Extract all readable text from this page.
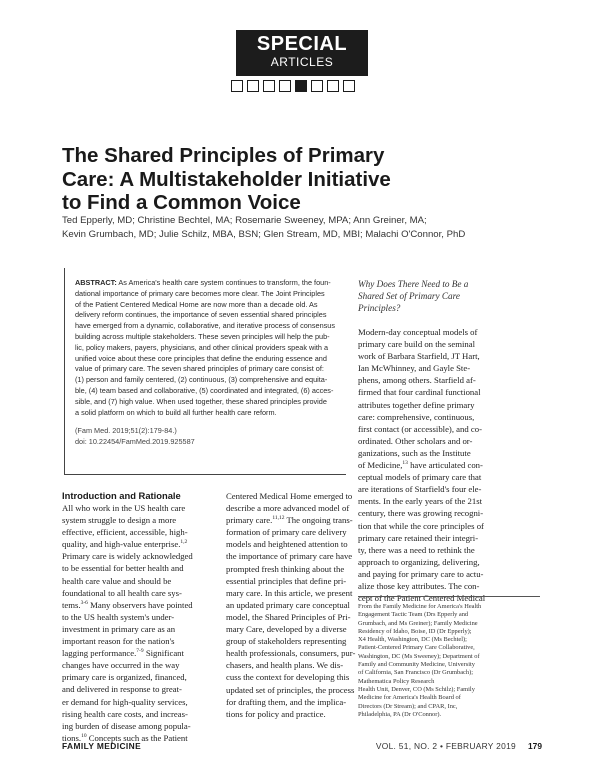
SPECIAL
ARTICLES
The Shared Principles of Primary
Care: A Multistakeholder Initiative
to Find a Common Voice
Ted Epperly, MD; Christine Bechtel, MA; Rosemarie Sweeney, MPA; Ann Greiner, MA;
Kevin Grumbach, MD; Julie Schilz, MBA, BSN; Glen Stream, MD, MBI; Malachi O'Connor, PhD
ABSTRACT: As America's health care system continues to transform, the foun-
dational importance of primary care becomes more clear. The Joint Principles
of the Patient Centered Medical Home are now more than a decade old. As
delivery reform continues, the importance of seven essential shared principles
have emerged from a dynamic, collaborative, and iterative process of consensus
building across multiple stakeholders. These seven principles will help the pub-
lic, policy makers, payers, physicians, and other clinical providers speak with a
unified voice about these core principles that define the enduring essence and
value of primary care. The seven shared principles of primary care consist of:
(1) person and family centered, (2) continuous, (3) comprehensive and equita-
ble, (4) team based and collaborative, (5) coordinated and integrated, (6) acces-
sible, and (7) high value. When used together, these shared principles provide
a solid platform on which to build all further health care reform.
(Fam Med. 2019;51(2):179-84.)
doi: 10.22454/FamMed.2019.925587
Introduction and Rationale
All who work in the US health care
system struggle to design a more
effective, efficient, accessible, high-
quality, and high-value enterprise.$^{1,2}$
Primary care is widely acknowledged
to be essential for better health and
health care value and should be
foundational to all health care sys-
tems.$^{3-6}$ Many observers have pointed
to the US health system's under-
investment in primary care as an
important reason for the nation's
lagging performance.$^{7-9}$ Significant
changes have occurred in the way
primary care is organized, financed,
and delivered in response to great-
er demand for high-quality services,
rising health care costs, and increas-
ing burden of disease among popula-
tions.$^{10}$ Concepts such as the Patient
Centered Medical Home emerged to
describe a more advanced model of
primary care.$^{11,12}$ The ongoing trans-
formation of primary care delivery
models and heightened attention to
the importance of primary care have
prompted fresh thinking about the
essential principles that define pri-
mary care. In this article, we present
an updated primary care conceptual
model, the Shared Principles of Pri-
mary Care, developed by a diverse
group of stakeholders representing
health professionals, consumers, pur-
chasers, and health plans. We dis-
cuss the context for developing this
updated set of principles, the process
for drafting them, and the implica-
tions for policy and practice.
Why Does There Need to Be a
Shared Set of Primary Care
Principles?
Modern-day conceptual models of
primary care build on the seminal
work of Barbara Starfield, JT Hart,
Ian McWhinney, and Gayle Ste-
phens, among others. Starfield af-
firmed that four cardinal functional
attributes together define primary
care: comprehensive, continuous,
first contact (or accessible), and co-
ordinated. Other scholars and or-
ganizations, such as the Institute
of Medicine,$^{13}$ have articulated con-
ceptual models of primary care that
are iterations of Starfield's four ele-
ments. In the early years of the 21st
century, there was growing recogni-
tion that while the core principles of
primary care retained their integri-
ty, there was a need to rethink the
approach to organizing, delivering,
and paying for primary care to actu-
alize those key attributes. The con-
cept of the Patient Centered Medical
From the Family Medicine for America's Health
Engagement Tactic Team (Drs Epperly and
Grumbach, and Ms Greiner); Family Medicine
Residency of Idaho, Boise, ID (Dr Epperly);
X4 Health, Washington, DC (Ms Bechtel);
Patient-Centered Primary Care Collaborative,
Washington, DC (Ms Sweeney); Department of
Family and Community Medicine, University
of California, San Francisco (Dr Grumbach);
Mathematica Policy Research
Health Unit, Denver, CO (Ms Schilz); Family
Medicine for America's Health Board of
Directors (Dr Stream); and CPAR, Inc,
Philadelphia, PA (Dr O'Connor).
FAMILY MEDICINE	VOL. 51, NO. 2 • FEBRUARY 2019 179
